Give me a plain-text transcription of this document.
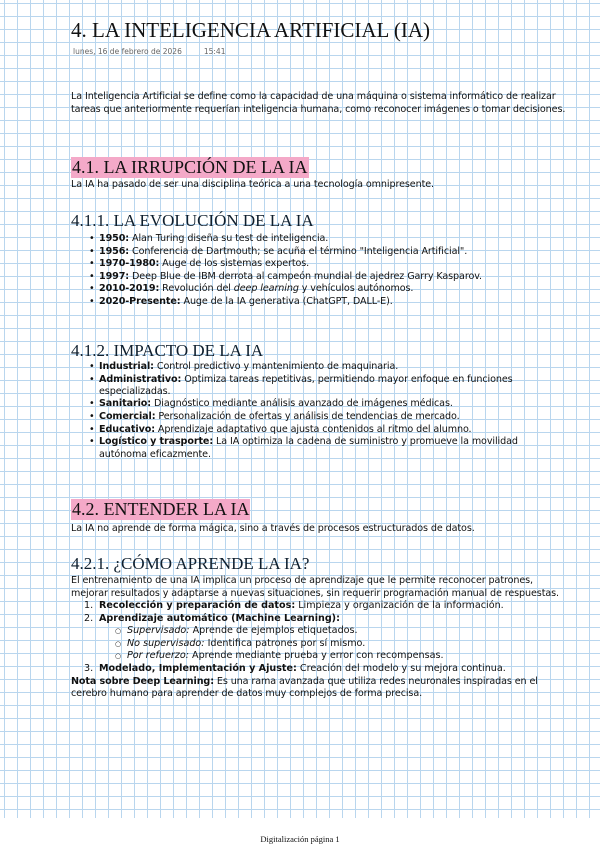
4. LA INTELIGENCIA ARTIFICIAL (IA)
lunes, 16 de febrero de 2026	15:41

La Inteligencia Artificial se define como la capacidad de una máquina o sistema informático de realizar tareas que anteriormente requerían inteligencia humana, como reconocer imágenes o tomar decisiones.

4.1. LA IRRUPCIÓN DE LA IA

La IA ha pasado de ser una disciplina teórica a una tecnología omnipresente.

4.1.1. LA EVOLUCIÓN DE LA IA
• 1950: Alan Turing diseña su test de inteligencia.
• 1956: Conferencia de Dartmouth; se acuña el término "Inteligencia Artificial".
• 1970-1980: Auge de los sistemas expertos.
• 1997: Deep Blue de IBM derrota al campeón mundial de ajedrez Garry Kasparov.
• 2010-2019: Revolución del deep learning y vehículos autónomos.
• 2020-Presente: Auge de la IA generativa (ChatGPT, DALL-E).
4.1.2. IMPACTO DE LA IA
• Industrial: Control predictivo y mantenimiento de maquinaria.
• Administrativo: Optimiza tareas repetitivas, permitiendo mayor enfoque en funciones especializadas.
• Sanitario: Diagnóstico mediante análisis avanzado de imágenes médicas.
• Comercial: Personalización de ofertas y análisis de tendencias de mercado.
• Educativo: Aprendizaje adaptativo que ajusta contenidos al ritmo del alumno.
• Logístico y trasporte: La IA optimiza la cadena de suministro y promueve la movilidad autónoma eficazmente.
4.2. ENTENDER LA IA

La IA no aprende de forma mágica, sino a través de procesos estructurados de datos.

4.2.1. ¿CÓMO APRENDE LA IA?

El entrenamiento de una IA implica un proceso de aprendizaje que le permite reconocer patrones, mejorar resultados y adaptarse a nuevas situaciones, sin requerir programación manual de respuestas.

1. Recolección y preparación de datos: Limpieza y organización de la información.
2. Aprendizaje automático (Machine Learning):
○ Supervisado: Aprende de ejemplos etiquetados.
○ No supervisado: Identifica patrones por sí mismo.
○ Por refuerzo: Aprende mediante prueba y error con recompensas.
3. Modelado, Implementación y Ajuste: Creación del modelo y su mejora continua.

Nota sobre Deep Learning: Es una rama avanzada que utiliza redes neuronales inspiradas en el cerebro humano para aprender de datos muy complejos de forma precisa.

Digitalización página 1
